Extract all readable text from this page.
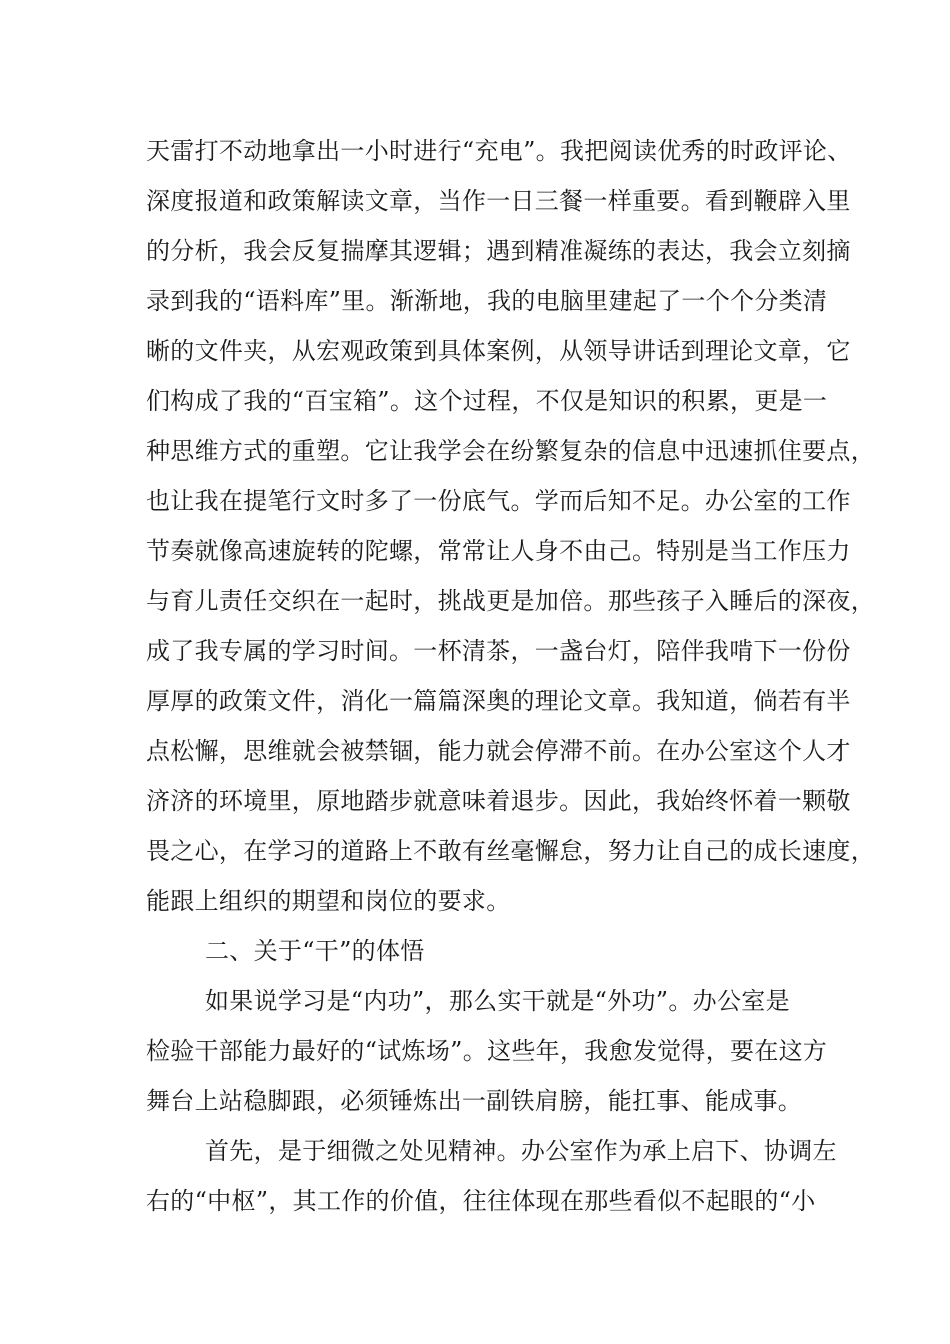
天雷打不动地拿出一小时进行“充电”。我把阅读优秀的时政评论、
深度报道和政策解读文章，当作一日三餐一样重要。看到鞭辟入里
的分析，我会反复揣摩其逻辑；遇到精准凝练的表达，我会立刻摘
录到我的“语料库”里。渐渐地，我的电脑里建起了一个个分类清
晰的文件夹，从宏观政策到具体案例，从领导讲话到理论文章，它
们构成了我的“百宝箱”。这个过程，不仅是知识的积累，更是一
种思维方式的重塑。它让我学会在纷繁复杂的信息中迅速抓住要点，
也让我在提笔行文时多了一份底气。学而后知不足。办公室的工作
节奏就像高速旋转的陀螺，常常让人身不由己。特别是当工作压力
与育儿责任交织在一起时，挑战更是加倍。那些孩子入睡后的深夜，
成了我专属的学习时间。一杯清茶，一盏台灯，陪伴我啃下一份份
厚厚的政策文件，消化一篇篇深奥的理论文章。我知道，倘若有半
点松懈，思维就会被禁锢，能力就会停滞不前。在办公室这个人才
济济的环境里，原地踏步就意味着退步。因此，我始终怀着一颗敬
畏之心，在学习的道路上不敢有丝毫懈怠，努力让自己的成长速度，
能跟上组织的期望和岗位的要求。
二、关于“干”的体悟
如果说学习是“内功”，那么实干就是“外功”。办公室是
检验干部能力最好的“试炼场”。这些年，我愈发觉得，要在这方
舞台上站稳脚跟，必须锤炼出一副铁肩膀，能扛事、能成事。
首先，是于细微之处见精神。办公室作为承上启下、协调左
右的“中枢”，其工作的价值，往往体现在那些看似不起眼的“小
